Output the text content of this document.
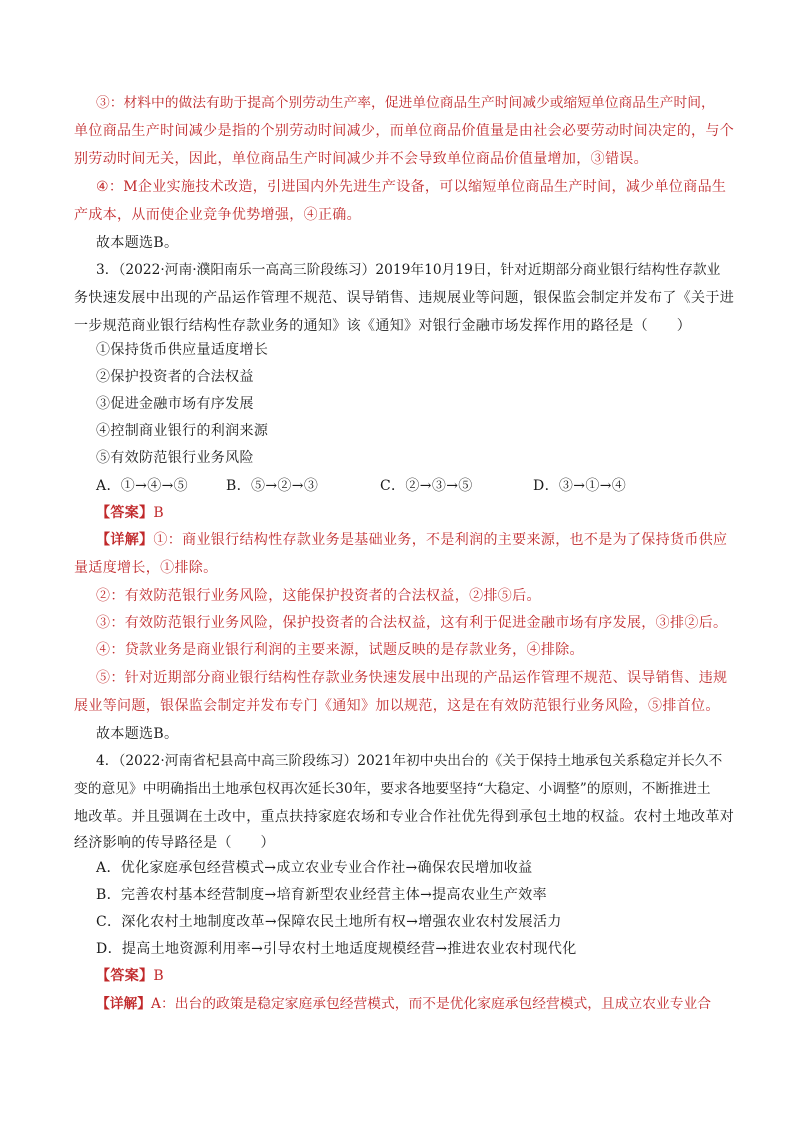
③：材料中的做法有助于提高个别劳动生产率，促进单位商品生产时间减少或缩短单位商品生产时间，
单位商品生产时间减少是指的个别劳动时间减少，而单位商品价值量是由社会必要劳动时间决定的，与个
别劳动时间无关，因此，单位商品生产时间减少并不会导致单位商品价值量增加，③错误。
④：M企业实施技术改造，引进国内外先进生产设备，可以缩短单位商品生产时间，减少单位商品生
产成本，从而使企业竞争优势增强，④正确。
故本题选B。
3．（2022·河南·濮阳南乐一高高三阶段练习）2019年10月19日，针对近期部分商业银行结构性存款业
务快速发展中出现的产品运作管理不规范、误导销售、违规展业等问题，银保监会制定并发布了《关于进
一步规范商业银行结构性存款业务的通知》该《通知》对银行金融市场发挥作用的路径是（　　）
①保持货币供应量适度增长
②保护投资者的合法权益
③促进金融市场有序发展
④控制商业银行的利润来源
⑤有效防范银行业务风险
A．①→④→⑤	B．⑤→②→③	C．②→③→⑤	D．③→①→④
【答案】B
【详解】①：商业银行结构性存款业务是基础业务，不是利润的主要来源，也不是为了保持货币供应
量适度增长，①排除。
②：有效防范银行业务风险，这能保护投资者的合法权益，②排⑤后。
③：有效防范银行业务风险，保护投资者的合法权益，这有利于促进金融市场有序发展，③排②后。
④：贷款业务是商业银行利润的主要来源，试题反映的是存款业务，④排除。
⑤：针对近期部分商业银行结构性存款业务快速发展中出现的产品运作管理不规范、误导销售、违规
展业等问题，银保监会制定并发布专门《通知》加以规范，这是在有效防范银行业务风险，⑤排首位。
故本题选B。
4．（2022·河南省杞县高中高三阶段练习）2021年初中央出台的《关于保持土地承包关系稳定并长久不
变的意见》中明确指出土地承包权再次延长30年，要求各地要坚持“大稳定、小调整”的原则，不断推进土
地改革。并且强调在土改中，重点扶持家庭农场和专业合作社优先得到承包土地的权益。农村土地改革对
经济影响的传导路径是（　　）
A．优化家庭承包经营模式→成立农业专业合作社→确保农民增加收益
B．完善农村基本经营制度→培育新型农业经营主体→提高农业生产效率
C．深化农村土地制度改革→保障农民土地所有权→增强农业农村发展活力
D．提高土地资源利用率→引导农村土地适度规模经营→推进农业农村现代化
【答案】B
【详解】A：出台的政策是稳定家庭承包经营模式，而不是优化家庭承包经营模式，且成立农业专业合
